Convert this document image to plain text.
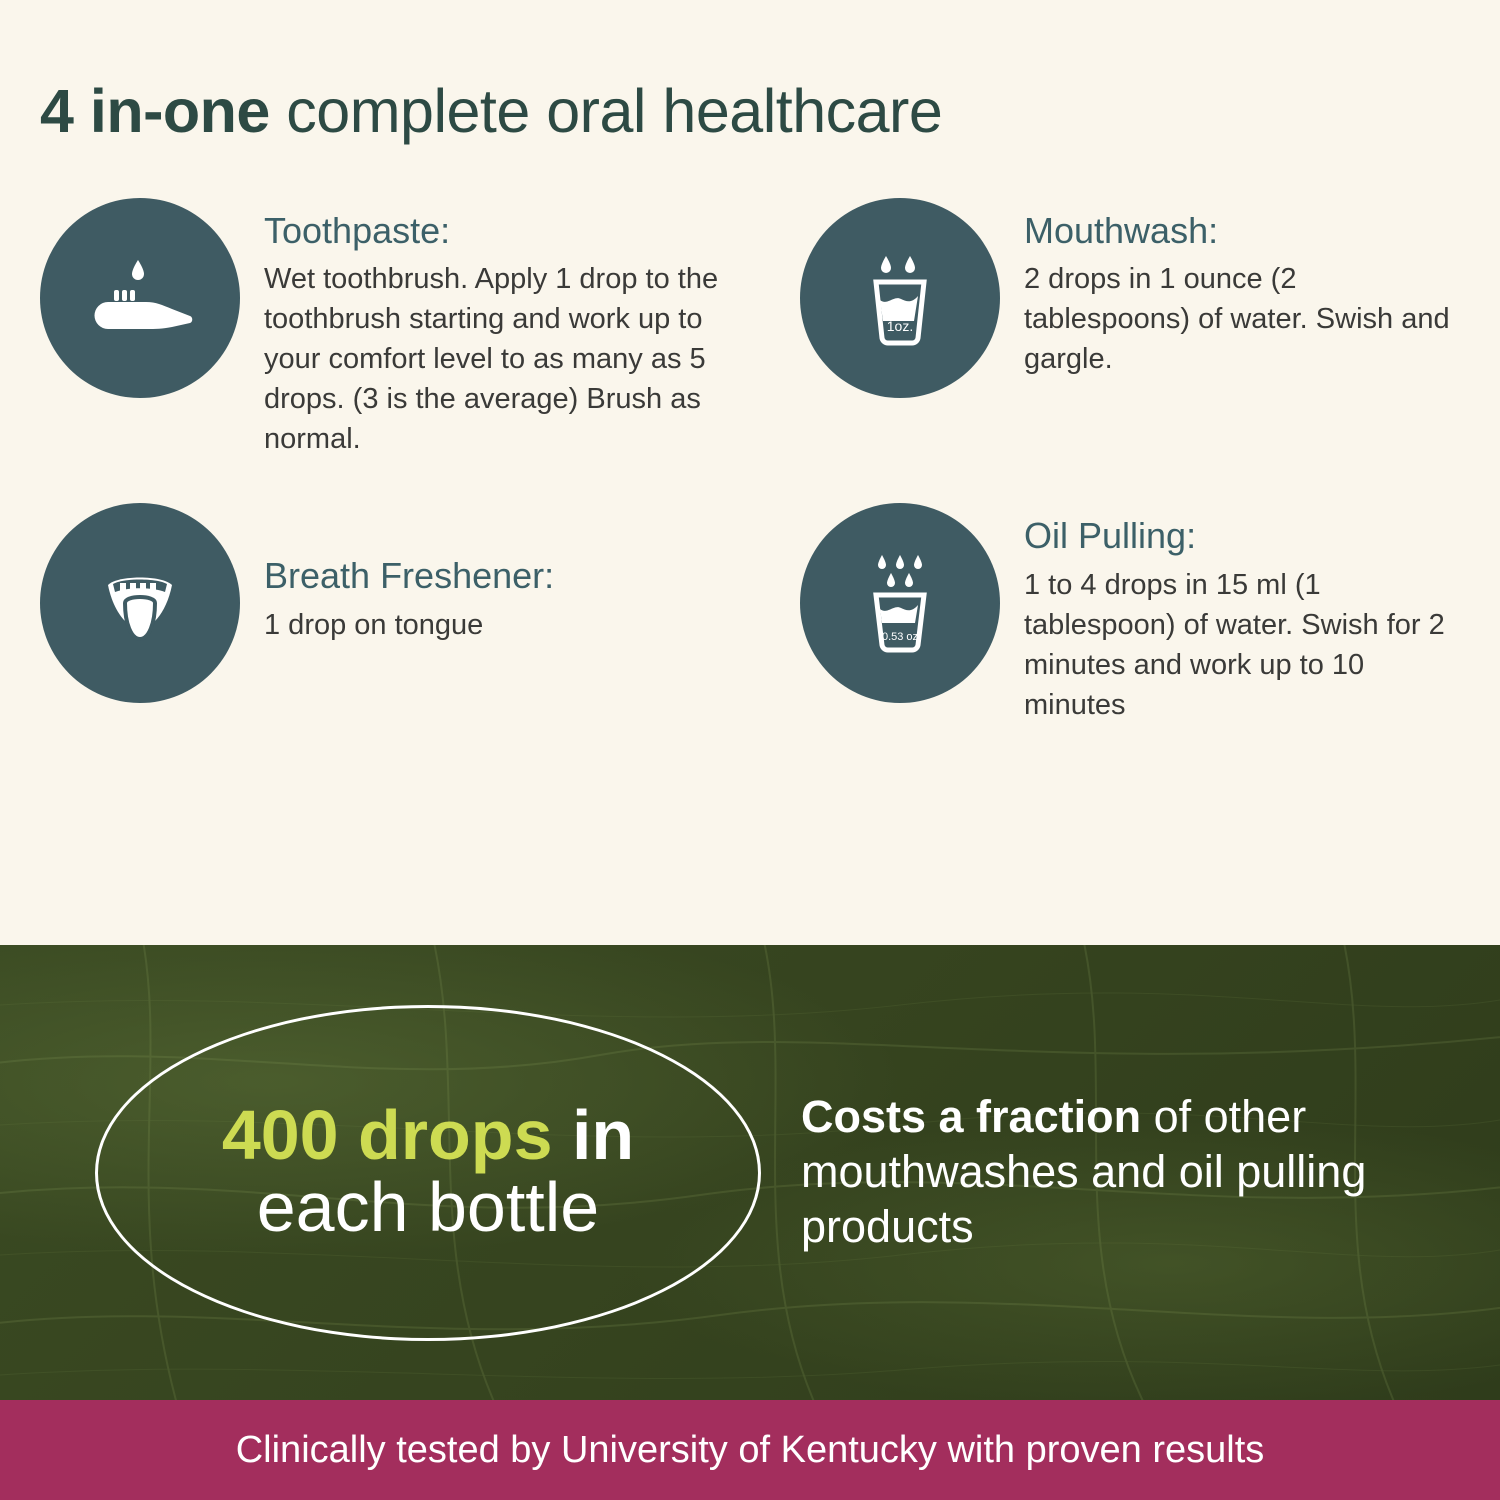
4 in-one complete oral healthcare
Toothpaste:

Wet toothbrush. Apply 1 drop to the toothbrush starting and work up to your comfort level to as many as 5 drops. (3 is the average) Brush as normal.

1oz.
Mouthwash:

2 drops in 1 ounce (2 tablespoons) of water. Swish and gargle.

Breath Freshener:

1 drop on tongue	0.53 oz
Oil Pulling:

1 to 4 drops in 15 ml (1 tablespoon) of water. Swish for 2 minutes and work up to 10 minutes

400 drops in
each bottle
Costs a fraction of other mouthwashes and oil pulling products
Clinically tested by University of Kentucky with proven results
